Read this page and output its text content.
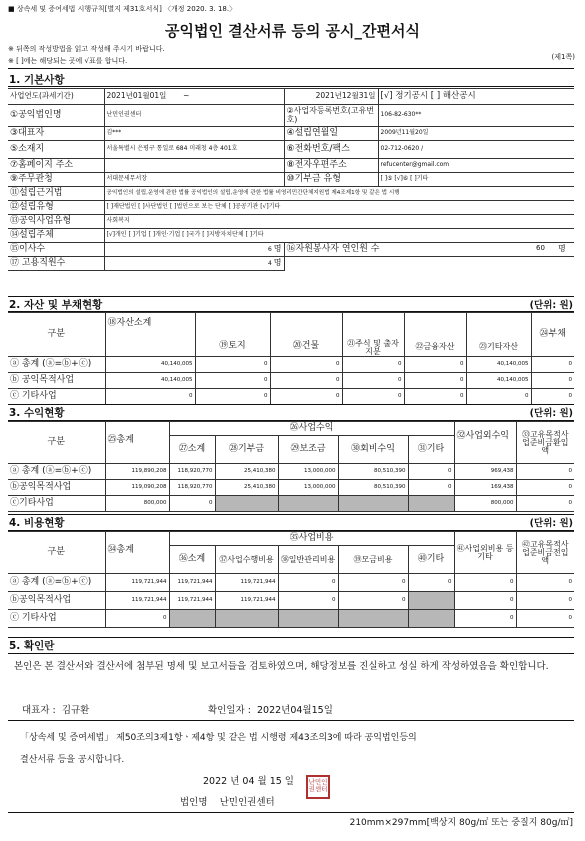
■ 상속세 및 증여세법 시행규칙[별지 제31호서식] 〈개정 2020. 3. 18.〉
공익법인 결산서류 등의 공시_간편서식
※ 뒤쪽의 작성방법을 읽고 작성해 주시기 바랍니다.
※ [ ]에는 해당되는 곳에 √표를 합니다.	(제1쪽)
1. 기본사항
사업연도(과세기간)	2021년01월01일 ~	2021년12월31일	[√] 정기공시 [ ] 해산공시
①공익법인명	난민인권센터	②사업자등록번호(고유번호)	106-82-630**
③대표자	김***	④설립연월일	2009년11월20일
⑤소재지	서울특별시 은평구 통일로 684 미래청 4층 401호	⑥전화번호/팩스	02-712-0620 /
⑦홈페이지 주소		⑧전자우편주소	refucenter@gmail.com
⑨주무관청	서대문세무서장	⑩기부금 유형	[ ]⑤ [√]⑥ [ ]기타
⑪설립근거법	공익법인의 설립,운영에 관한 법률 공익법인의 설립,운영에 관한 법률 비영리민간단체지원법 제4조제1항 및 같은 법 시행		
⑫설립유형	[ ]재단법인 [ ]사단법인 [ ]법인으로 보는 단체 [ ]공공기관 [√]기타		
⑬공익사업유형	사회복지		
⑭설립주체	[√]개인 [ ]기업 [ ]개인·기업 [ ]국가 [ ]지방자치단체 [ ]기타		
⑮이사수	6 명	⑯자원봉사자 연인원 수 60 명	

⑰ 고용직원수	4 명		
2. 자산 및 부채현황	(단위: 원)
구분	⑱자산소계	⑲토지	⑳건물	㉑주식 및 출자지분	㉒금융자산	㉓기타자산	㉔부채
ⓐ 총계 (ⓐ=ⓑ+ⓒ)	40,140,005	0	0	0	0	40,140,005	0
ⓑ 공익목적사업	40,140,005	0	0	0	0	40,140,005	0
ⓒ 기타사업	0	0	0	0	0	0	0
3. 수익현황	(단위: 원)
구분	㉕총계	㉖사업수익					㉜사업외수익	㉝고유목적사업준비금환입액
		㉗소계	㉘기부금	㉙보조금	㉚회비수익	㉛기타		
ⓐ 총계 (ⓐ=ⓑ+ⓒ)	119,890,208	118,920,770	25,410,380	13,000,000	80,510,390	0	969,438	0
ⓑ공익목적사업	119,090,208	118,920,770	25,410,380	13,000,000	80,510,390	0	169,438	0
ⓒ기타사업	800,000	0					800,000	0
4. 비용현황	(단위: 원)
구분	㉞총계	㉟사업비용					㊶사업외비용 등 기타	㊷고유목적사업준비금전입액
		㊱소계	㊲사업수행비용	㊳일반관리비용	㊴모금비용	㊵기타		
ⓐ 총계 (ⓐ=ⓑ+ⓒ)	119,721,944	119,721,944	119,721,944	0	0	0	0	0
ⓑ공익목적사업	119,721,944	119,721,944	119,721,944	0	0		0	0
ⓒ 기타사업	0						0	0
5. 확인란
본인은 본 결산서와 결산서에 첨부된 명세 및 보고서들을 검토하였으며, 해당정보를 진실하고 성실 하게 작성하였음을 확인합니다.
대표자 : 김규환	확인일자 : 2022년04월15일
「상속세 및 증여세법」 제50조의3제1항ㆍ제4항 및 같은 법 시행령 제43조의3에 따라 공익법인등의
결산서류 등을 공시합니다.
2022 년 04 월 15 일
법인명 난민인권센터
난민인
권센터
210mm×297mm[백상지 80g/㎡ 또는 중질지 80g/㎡]
